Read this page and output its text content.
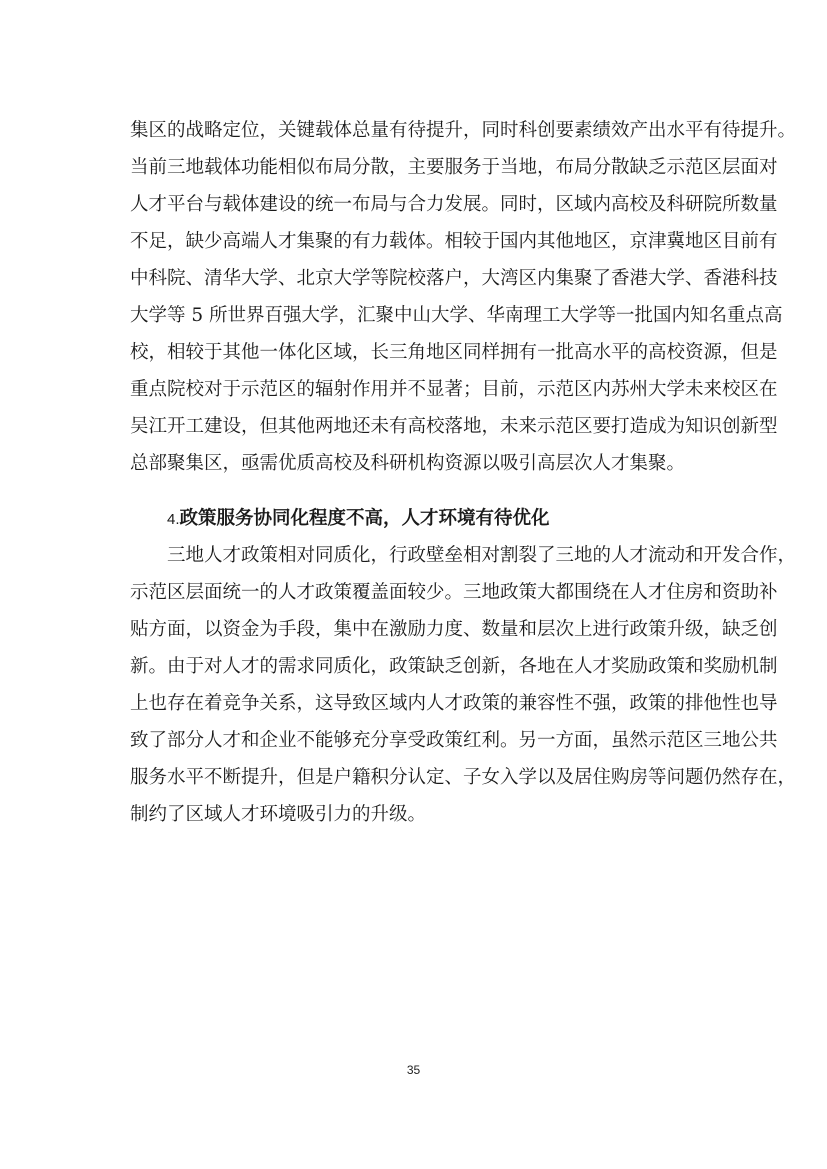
集区的战略定位，关键载体总量有待提升，同时科创要素绩效产出水平有待提升。
当前三地载体功能相似布局分散，主要服务于当地，布局分散缺乏示范区层面对
人才平台与载体建设的统一布局与合力发展。同时，区域内高校及科研院所数量
不足，缺少高端人才集聚的有力载体。相较于国内其他地区，京津冀地区目前有
中科院、清华大学、北京大学等院校落户，大湾区内集聚了香港大学、香港科技
大学等 5 所世界百强大学，汇聚中山大学、华南理工大学等一批国内知名重点高
校，相较于其他一体化区域，长三角地区同样拥有一批高水平的高校资源，但是
重点院校对于示范区的辐射作用并不显著；目前，示范区内苏州大学未来校区在
吴江开工建设，但其他两地还未有高校落地，未来示范区要打造成为知识创新型
总部聚集区，亟需优质高校及科研机构资源以吸引高层次人才集聚。
4.政策服务协同化程度不高，人才环境有待优化
三地人才政策相对同质化，行政壁垒相对割裂了三地的人才流动和开发合作，
示范区层面统一的人才政策覆盖面较少。三地政策大都围绕在人才住房和资助补
贴方面，以资金为手段，集中在激励力度、数量和层次上进行政策升级，缺乏创
新。由于对人才的需求同质化，政策缺乏创新，各地在人才奖励政策和奖励机制
上也存在着竞争关系，这导致区域内人才政策的兼容性不强，政策的排他性也导
致了部分人才和企业不能够充分享受政策红利。另一方面，虽然示范区三地公共
服务水平不断提升，但是户籍积分认定、子女入学以及居住购房等问题仍然存在，
制约了区域人才环境吸引力的升级。
35
